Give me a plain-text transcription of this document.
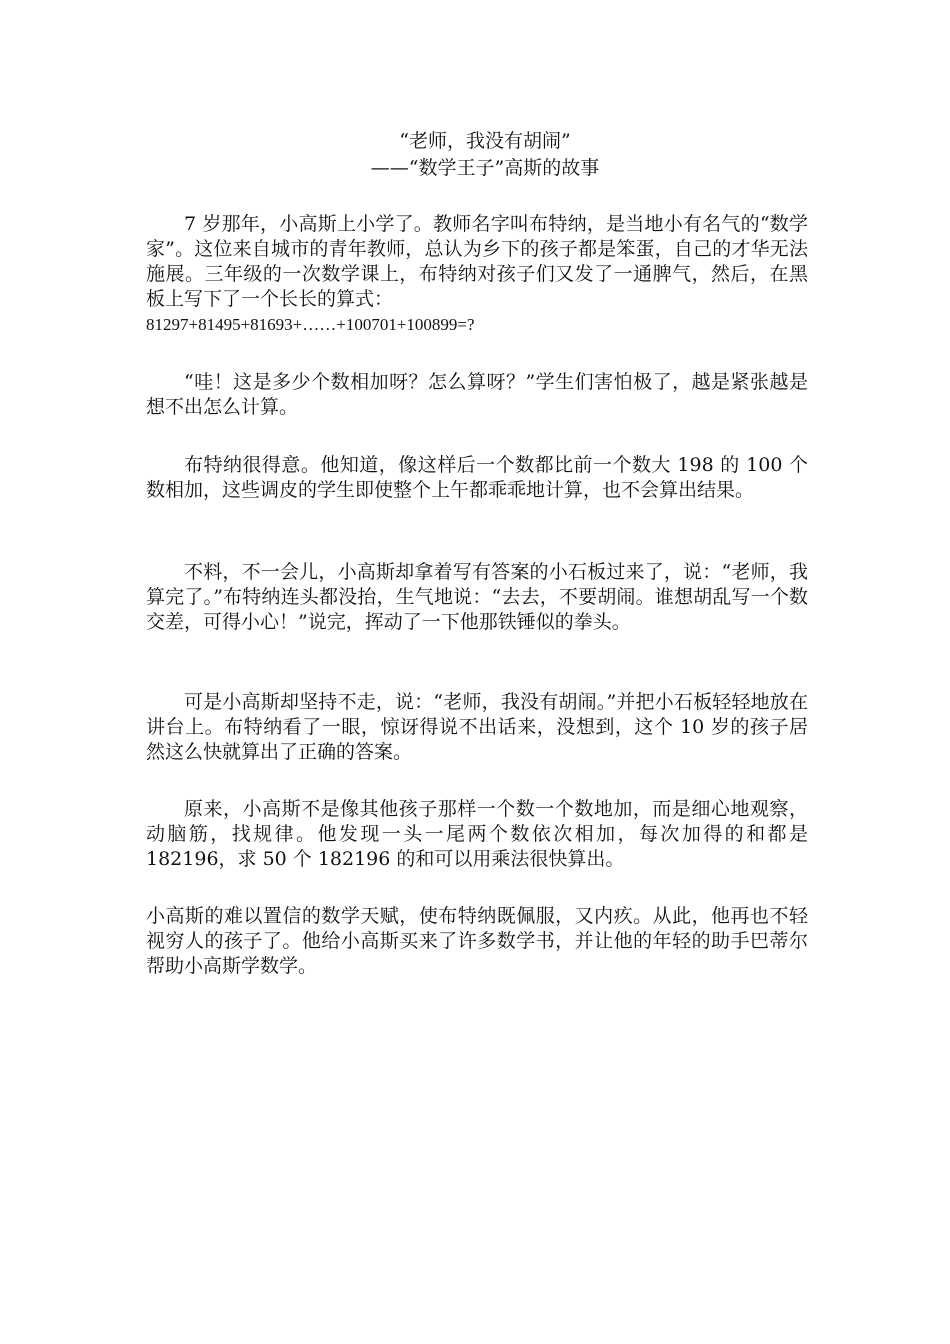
“老师，我没有胡闹”
——“数学王子”高斯的故事
7 岁那年，小高斯上小学了。教师名字叫布特纳，是当地小有名气的“数学家”。这位来自城市的青年教师，总认为乡下的孩子都是笨蛋，自己的才华无法施展。三年级的一次数学课上，布特纳对孩子们又发了一通脾气，然后，在黑板上写下了一个长长的算式：
81297+81495+81693+……+100701+100899=?
“哇！这是多少个数相加呀？怎么算呀？”学生们害怕极了，越是紧张越是想不出怎么计算。
布特纳很得意。他知道，像这样后一个数都比前一个数大 198 的 100 个数相加，这些调皮的学生即使整个上午都乖乖地计算，也不会算出结果。
不料，不一会儿，小高斯却拿着写有答案的小石板过来了，说：“老师，我算完了。”布特纳连头都没抬，生气地说：“去去，不要胡闹。谁想胡乱写一个数交差，可得小心！”说完，挥动了一下他那铁锤似的拳头。
可是小高斯却坚持不走，说：“老师，我没有胡闹。”并把小石板轻轻地放在讲台上。布特纳看了一眼，惊讶得说不出话来，没想到，这个 10 岁的孩子居然这么快就算出了正确的答案。
原来，小高斯不是像其他孩子那样一个数一个数地加，而是细心地观察，动脑筋，找规律。他发现一头一尾两个数依次相加，每次加得的和都是 182196，求 50 个 182196 的和可以用乘法很快算出。
小高斯的难以置信的数学天赋，使布特纳既佩服，又内疚。从此，他再也不轻视穷人的孩子了。他给小高斯买来了许多数学书，并让他的年轻的助手巴蒂尔帮助小高斯学数学。
